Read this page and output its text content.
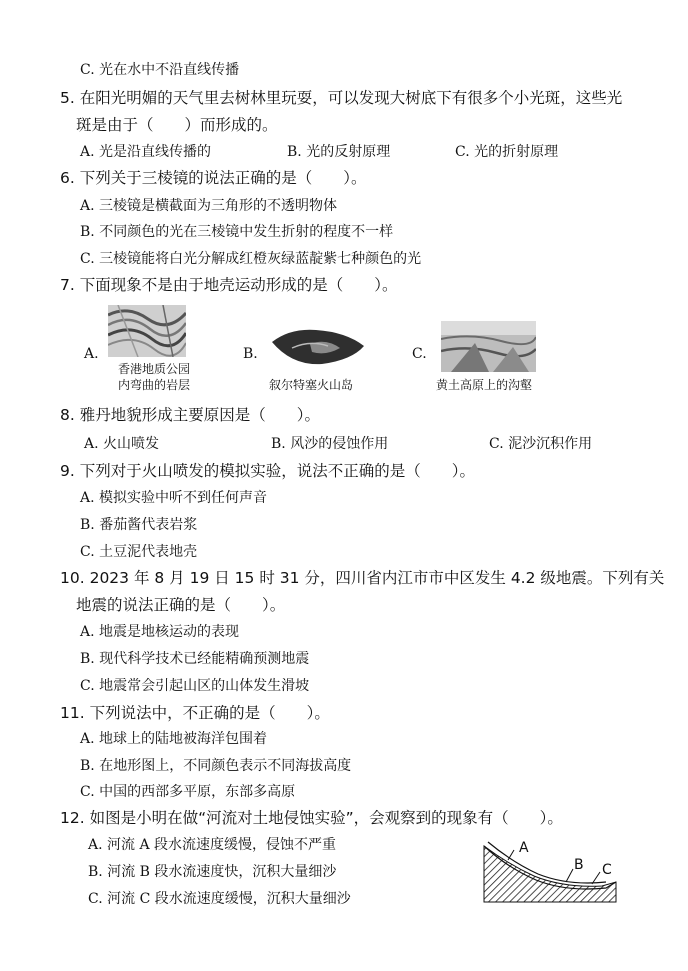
C. 光在水中不沿直线传播
5. 在阳光明媚的天气里去树林里玩耍，可以发现大树底下有很多个小光斑，这些光
斑是由于（　　）而形成的。
A. 光是沿直线传播的	B. 光的反射原理	C. 光的折射原理
6. 下列关于三棱镜的说法正确的是（　　）。
A. 三棱镜是横截面为三角形的不透明物体
B. 不同颜色的光在三棱镜中发生折射的程度不一样
C. 三棱镜能将白光分解成红橙灰绿蓝靛紫七种颜色的光
7. 下面现象不是由于地壳运动形成的是（　　）。
A.
香港地质公园
内弯曲的岩层
B.
叙尔特塞火山岛
C.
黄土高原上的沟壑
8. 雅丹地貌形成主要原因是（　　）。
A. 火山喷发	B. 风沙的侵蚀作用	C. 泥沙沉积作用
9. 下列对于火山喷发的模拟实验，说法不正确的是（　　）。
A. 模拟实验中听不到任何声音
B. 番茄酱代表岩浆
C. 土豆泥代表地壳
10. 2023 年 8 月 19 日 15 时 31 分，四川省内江市市中区发生 4.2 级地震。下列有关
地震的说法正确的是（　　）。
A. 地震是地核运动的表现
B. 现代科学技术已经能精确预测地震
C. 地震常会引起山区的山体发生滑坡
11. 下列说法中，不正确的是（　　）。
A. 地球上的陆地被海洋包围着
B. 在地形图上，不同颜色表示不同海拔高度
C. 中国的西部多平原，东部多高原
12. 如图是小明在做“河流对土地侵蚀实验”，会观察到的现象有（　　）。
A. 河流 A 段水流速度缓慢，侵蚀不严重
B. 河流 B 段水流速度快，沉积大量细沙
C. 河流 C 段水流速度缓慢，沉积大量细沙
A
B C
